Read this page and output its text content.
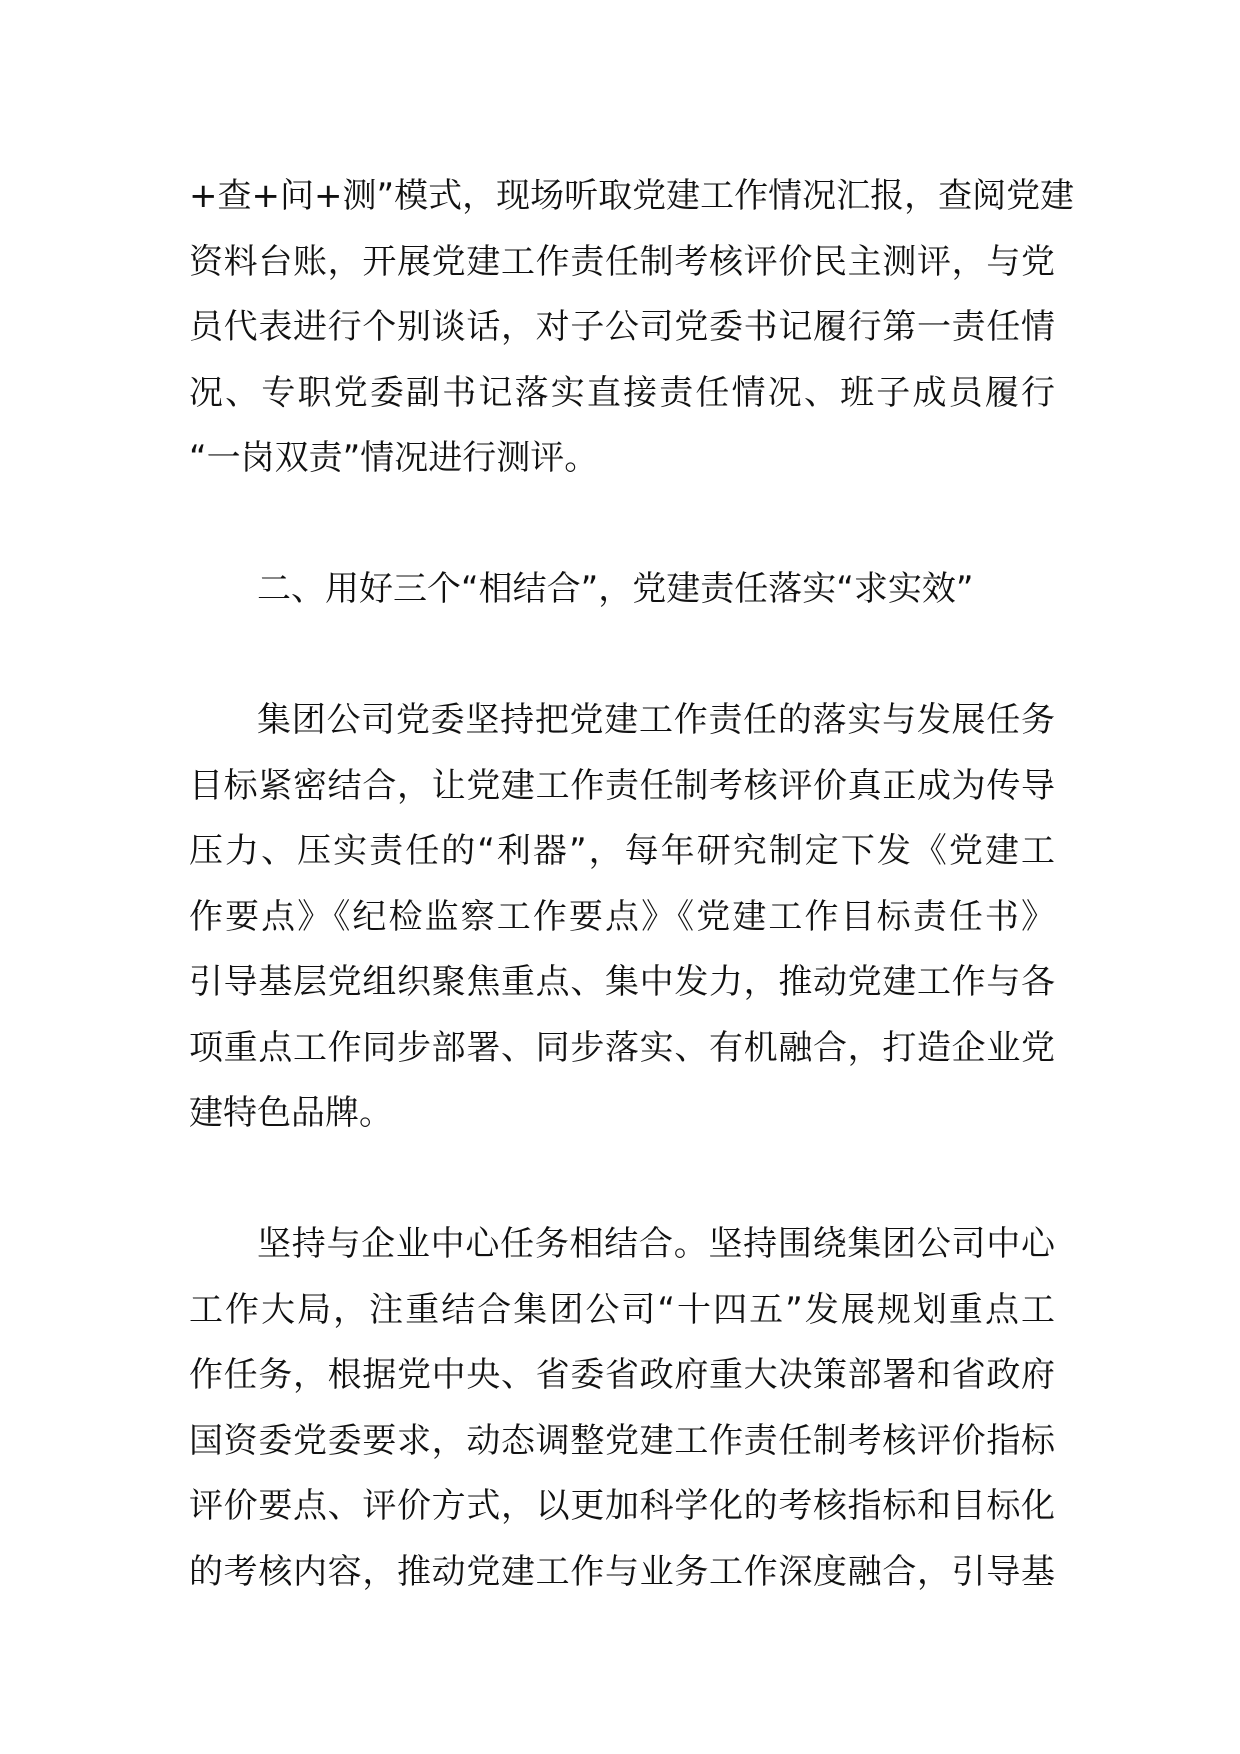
+查+问+测”模式，现场听取党建工作情况汇报，查阅党建
资料台账，开展党建工作责任制考核评价民主测评，与党
员代表进行个别谈话，对子公司党委书记履行第一责任情
况、专职党委副书记落实直接责任情况、班子成员履行
“一岗双责”情况进行测评。
二、用好三个“相结合”，党建责任落实“求实效”
集团公司党委坚持把党建工作责任的落实与发展任务
目标紧密结合，让党建工作责任制考核评价真正成为传导
压力、压实责任的“利器”，每年研究制定下发《党建工
作要点》《纪检监察工作要点》《党建工作目标责任书》
引导基层党组织聚焦重点、集中发力，推动党建工作与各
项重点工作同步部署、同步落实、有机融合，打造企业党
建特色品牌。
坚持与企业中心任务相结合。坚持围绕集团公司中心
工作大局，注重结合集团公司“十四五”发展规划重点工
作任务，根据党中央、省委省政府重大决策部署和省政府
国资委党委要求，动态调整党建工作责任制考核评价指标
评价要点、评价方式，以更加科学化的考核指标和目标化
的考核内容，推动党建工作与业务工作深度融合，引导基
